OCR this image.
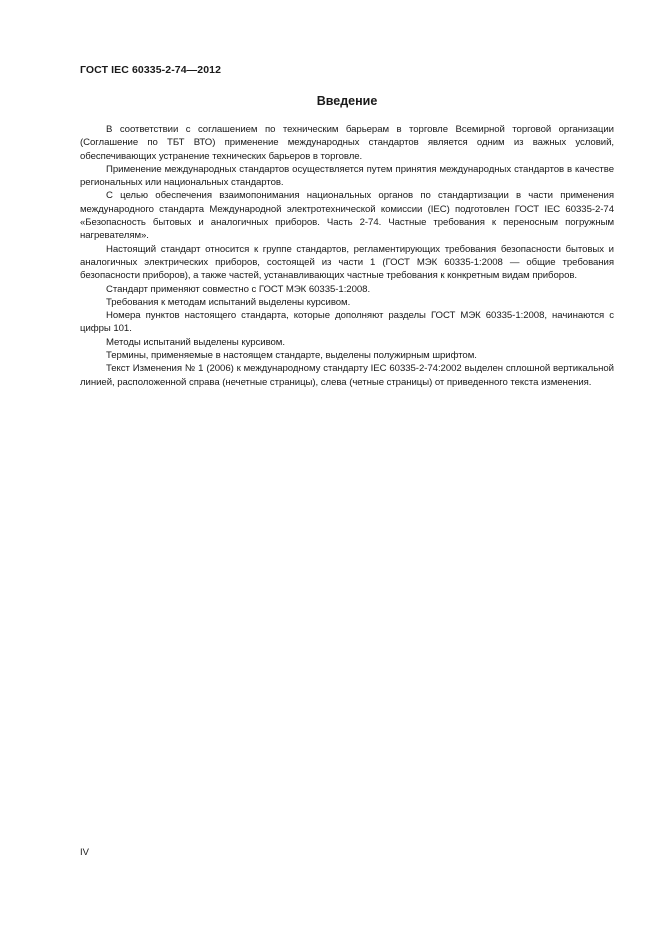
ГОСТ IEC 60335-2-74—2012
Введение

В соответствии с соглашением по техническим барьерам в торговле Всемирной торговой организации (Соглашение по ТБТ ВТО) применение международных стандартов является одним из важных условий, обеспечивающих устранение технических барьеров в торговле.

Применение международных стандартов осуществляется путем принятия международных стандартов в качестве региональных или национальных стандартов.

С целью обеспечения взаимопонимания национальных органов по стандартизации в части применения международного стандарта Международной электротехнической комиссии (IEC) подготовлен ГОСТ IEC 60335-2-74 «Безопасность бытовых и аналогичных приборов. Часть 2-74. Частные требования к переносным погружным нагревателям».

Настоящий стандарт относится к группе стандартов, регламентирующих требования безопасности бытовых и аналогичных электрических приборов, состоящей из части 1 (ГОСТ МЭК 60335-1:2008 — общие требования безопасности приборов), а также частей, устанавливающих частные требования к конкретным видам приборов.

Стандарт применяют совместно с ГОСТ МЭК 60335-1:2008.

Требования к методам испытаний выделены курсивом.

Номера пунктов настоящего стандарта, которые дополняют разделы ГОСТ МЭК 60335-1:2008, начинаются с цифры 101.

Методы испытаний выделены курсивом.

Термины, применяемые в настоящем стандарте, выделены полужирным шрифтом.

Текст Изменения № 1 (2006) к международному стандарту IEC 60335-2-74:2002 выделен сплошной вертикальной линией, расположенной справа (нечетные страницы), слева (четные страницы) от приведенного текста изменения.

IV
